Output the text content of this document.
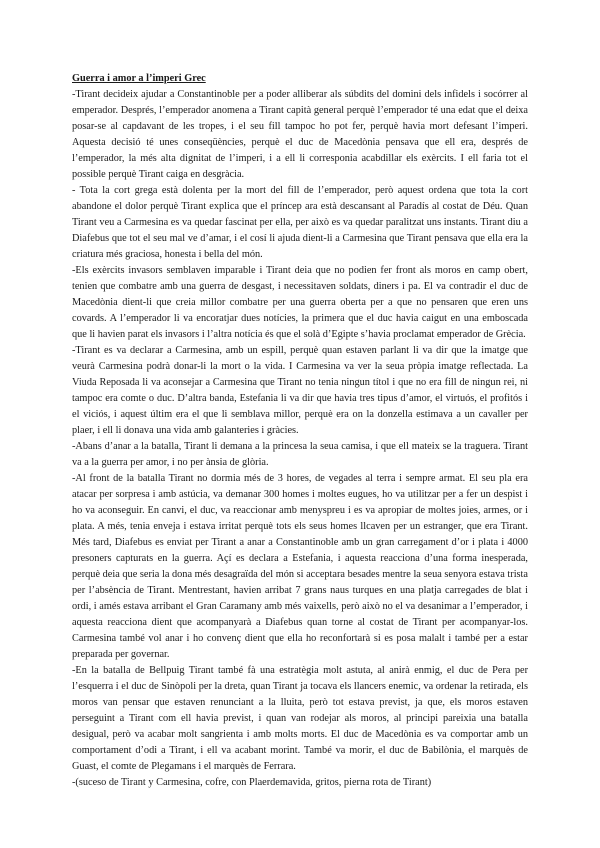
Guerra i amor a l’imperi Grec

-Tirant decideix ajudar a Constantinoble per a poder alliberar als súbdits del domini dels infidels i socórrer al emperador. Després, l’emperador anomena a Tirant capità general perquè l’emperador té una edat que el deixa posar-se al capdavant de les tropes, i el seu fill tampoc ho pot fer, perquè havia mort defesant l’imperi. Aquesta decisió té unes conseqüències, perquè el duc de Macedònia pensava que ell era, després de l’emperador, la més alta dignitat de l’imperi, i a ell li corresponia acabdillar els exèrcits. I ell faria tot el possible perquè Tirant caiga en desgràcia.

- Tota la cort grega està dolenta per la mort del fill de l’emperador, però aquest ordena que tota la cort abandone el dolor perquè Tirant explica que el príncep ara està descansant al Paradís al costat de Déu. Quan Tirant veu a Carmesina es va quedar fascinat per ella, per això es va quedar paralitzat uns instants. Tirant diu a Diafebus que tot el seu mal ve d’amar, i el cosí li ajuda dient-li a Carmesina que Tirant pensava que ella era la criatura més graciosa, honesta i bella del món.

-Els exèrcits invasors semblaven imparable i Tirant deia que no podien fer front als moros en camp obert, tenien que combatre amb una guerra de desgast, i necessitaven soldats, diners i pa. El va contradir el duc de Macedònia dient-li que creia millor combatre per una guerra oberta per a que no pensaren que eren uns covards. A l’emperador li va encoratjar dues notícies, la primera que el duc havia caigut en una emboscada que li havien parat els invasors i l’altra notícia és que el solà d’Egipte s’havia proclamat emperador de Grècia.

-Tirant es va declarar a Carmesina, amb un espill, perquè quan estaven parlant li va dir que la imatge que veurà Carmesina podrà donar-li la mort o la vida. I Carmesina va ver la seua pròpia imatge reflectada. La Viuda Reposada li va aconsejar a Carmesina que Tirant no tenia ningun títol i que no era fill de ningun rei, ni tampoc era comte o duc. D’altra banda, Estefania li va dir que havia tres tipus d’amor, el virtuós, el profitós i el viciós, i aquest últim era el que li semblava millor, perquè era on la donzella estimava a un cavaller per plaer, i ell li donava una vida amb galanteries i gràcies.

-Abans d’anar a la batalla, Tirant li demana a la princesa la seua camisa, i que ell mateix se la traguera. Tirant va a la guerra per amor, i no per ànsia de glòria.

-Al front de la batalla Tirant no dormia més de 3 hores, de vegades al terra i sempre armat. El seu pla era atacar per sorpresa i amb astúcia, va demanar 300 homes i moltes eugues, ho va utilitzar per a fer un despist i ho va aconseguir. En canvi, el duc, va reaccionar amb menyspreu i es va apropiar de moltes joies, armes, or i plata. A més, tenia enveja i estava irritat perquè tots els seus homes llcaven per un estranger, que era Tirant. Més tard, Diafebus es enviat per Tirant a anar a Constantinoble amb un gran carregament d’or i plata i 4000 presoners capturats en la guerra. Açí es declara a Estefania, i aquesta reacciona d’una forma inesperada, perquè deia que seria la dona més desagraïda del món si acceptara besades mentre la seua senyora estava trista per l’absència de Tirant. Mentrestant, havien arribat 7 grans naus turques en una platja carregades de blat i ordi, i amés estava arribant el Gran Caramany amb més vaixells, però això no el va desanimar a l’emperador, i aquesta reacciona dient que acompanyarà a Diafebus quan torne al costat de Tirant per acompanyar-los. Carmesina també vol anar i ho convenç dient que ella ho reconfortarà si es posa malalt i també per a estar preparada per governar.

-En la batalla de Bellpuig Tirant també fà una estratègia molt astuta, al anirà enmig, el duc de Pera per l’esquerra i el duc de Sinòpoli per la dreta, quan Tirant ja tocava els llancers enemic, va ordenar la retirada, els moros van pensar que estaven renunciant a la lluita, però tot estava previst, ja que, els moros estaven perseguint a Tirant com ell havia previst, i quan van rodejar als moros, al principi pareixia una batalla desigual, però va acabar molt sangrienta i amb molts morts. El duc de Macedònia es va comportar amb un comportament d’odi a Tirant, i ell va acabant morint. També va morir, el duc de Babilònia, el marquès de Guast, el comte de Plegamans i el marquès de Ferrara.

-(suceso de Tirant y Carmesina, cofre, con Plaerdemavida, gritos, pierna rota de Tirant)
